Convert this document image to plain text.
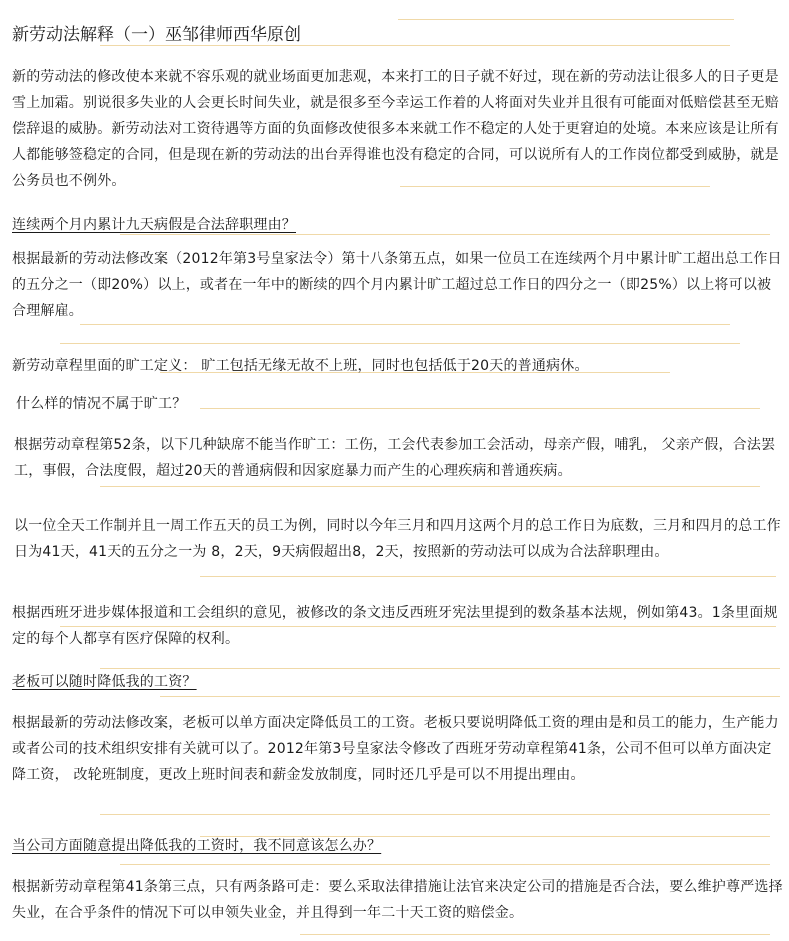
新劳动法解释（一）巫邹律师西华原创

新的劳动法的修改使本来就不容乐观的就业场面更加悲观，本来打工的日子就不好过，现在新的劳动法让很多人的日子更是雪上加霜。别说很多失业的人会更长时间失业，就是很多至今幸运工作着的人将面对失业并且很有可能面对低赔偿甚至无赔偿辞退的威胁。新劳动法对工资待遇等方面的负面修改使很多本来就工作不稳定的人处于更窘迫的处境。本来应该是让所有人都能够签稳定的合同，但是现在新的劳动法的出台弄得谁也没有稳定的合同，可以说所有人的工作岗位都受到威胁，就是公务员也不例外。

连续两个月内累计九天病假是合法辞职理由？

根据最新的劳动法修改案（2012年第3号皇家法令）第十八条第五点，如果一位员工在连续两个月中累计旷工超出总工作日的五分之一（即20%）以上，或者在一年中的断续的四个月内累计旷工超过总工作日的四分之一（即25%）以上将可以被合理解雇。

新劳动章程里面的旷工定义： 旷工包括无缘无故不上班，同时也包括低于20天的普通病休。

什么样的情况不属于旷工？

根据劳动章程第52条，以下几种缺席不能当作旷工：工伤，工会代表参加工会活动，母亲产假，哺乳， 父亲产假，合法罢工，事假，合法度假，超过20天的普通病假和因家庭暴力而产生的心理疾病和普通疾病。

以一位全天工作制并且一周工作五天的员工为例，同时以今年三月和四月这两个月的总工作日为底数，三月和四月的总工作日为41天，41天的五分之一为 8，2天，9天病假超出8，2天，按照新的劳动法可以成为合法辞职理由。

根据西班牙进步媒体报道和工会组织的意见，被修改的条文违反西班牙宪法里提到的数条基本法规，例如第43。1条里面规定的每个人都享有医疗保障的权利。

老板可以随时降低我的工资？

根据最新的劳动法修改案，老板可以单方面决定降低员工的工资。老板只要说明降低工资的理由是和员工的能力，生产能力或者公司的技术组织安排有关就可以了。2012年第3号皇家法令修改了西班牙劳动章程第41条，公司不但可以单方面决定降工资， 改轮班制度，更改上班时间表和薪金发放制度，同时还几乎是可以不用提出理由。

当公司方面随意提出降低我的工资时，我不同意该怎么办？

根据新劳动章程第41条第三点，只有两条路可走：要么采取法律措施让法官来决定公司的措施是否合法，要么维护尊严选择失业，在合乎条件的情况下可以申领失业金，并且得到一年二十天工资的赔偿金。
